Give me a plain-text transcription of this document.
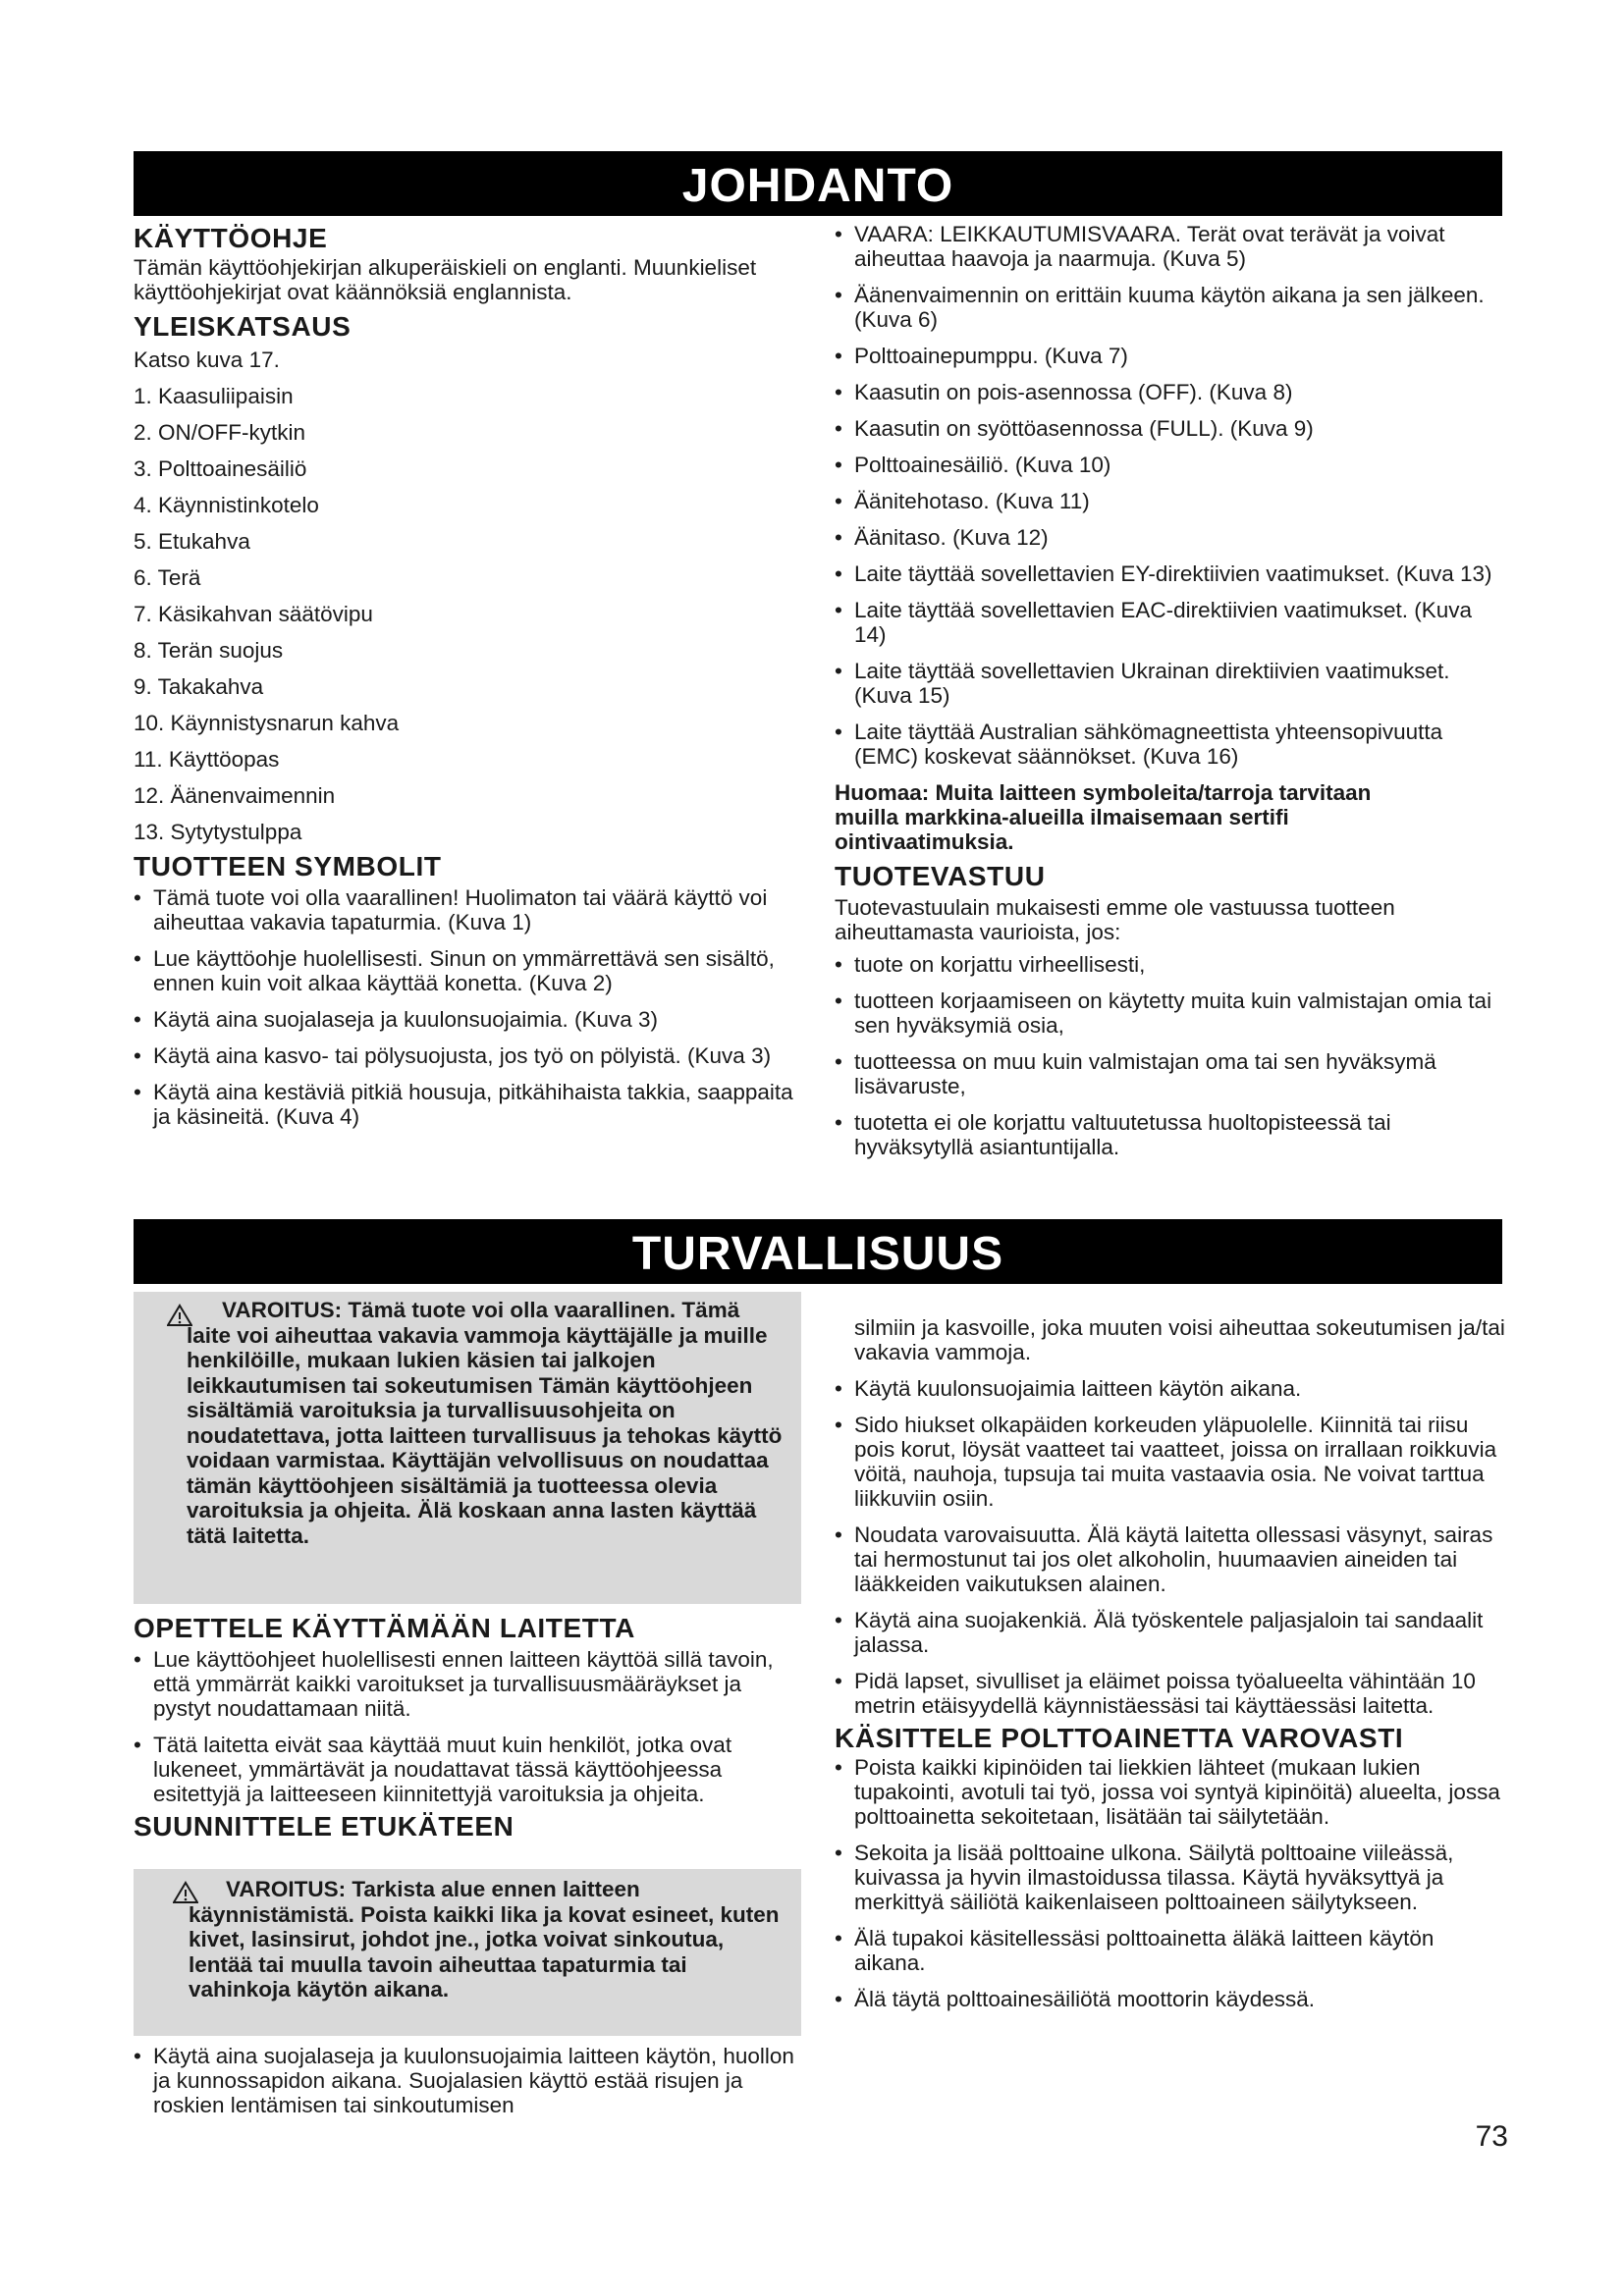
JOHDANTO
KÄYTTÖOHJE

Tämän käyttöohjekirjan alkuperäiskieli on englanti. Muunkieliset käyttöohjekirjat ovat käännöksiä englannista.

YLEISKATSAUS

Katso kuva 17.

1. Kaasuliipaisin
2. ON/OFF-kytkin
3. Polttoainesäiliö
4. Käynnistinkotelo
5. Etukahva
6. Terä
7. Käsikahvan säätövipu
8. Terän suojus
9. Takakahva
10. Käynnistysnarun kahva
11. Käyttöopas
12. Äänenvaimennin
13. Sytytystulppa
TUOTTEEN SYMBOLIT
• Tämä tuote voi olla vaarallinen! Huolimaton tai väärä käyttö voi aiheuttaa vakavia tapaturmia. (Kuva 1)
• Lue käyttöohje huolellisesti. Sinun on ymmärrettävä sen sisältö, ennen kuin voit alkaa käyttää konetta. (Kuva 2)
• Käytä aina suojalaseja ja kuulonsuojaimia. (Kuva 3)
• Käytä aina kasvo- tai pölysuojusta, jos työ on pölyistä. (Kuva 3)
• Käytä aina kestäviä pitkiä housuja, pitkähihaista takkia, saappaita ja käsineitä. (Kuva 4)
• VAARA: LEIKKAUTUMISVAARA. Terät ovat terävät ja voivat aiheuttaa haavoja ja naarmuja. (Kuva 5)
• Äänenvaimennin on erittäin kuuma käytön aikana ja sen jälkeen. (Kuva 6)
• Polttoainepumppu. (Kuva 7)
• Kaasutin on pois-asennossa (OFF). (Kuva 8)
• Kaasutin on syöttöasennossa (FULL). (Kuva 9)
• Polttoainesäiliö. (Kuva 10)
• Äänitehotaso. (Kuva 11)
• Äänitaso. (Kuva 12)
• Laite täyttää sovellettavien EY-direktiivien vaatimukset. (Kuva 13)
• Laite täyttää sovellettavien EAC-direktiivien vaatimukset. (Kuva 14)
• Laite täyttää sovellettavien Ukrainan direktiivien vaatimukset. (Kuva 15)
• Laite täyttää Australian sähkömagneettista yhteensopivuutta (EMC) koskevat säännökset. (Kuva 16)

Huomaa: Muita laitteen symboleita/tarroja tarvitaan muilla markkina-alueilla ilmaisemaan sertifi ointivaatimuksia.

TUOTEVASTUU

Tuotevastuulain mukaisesti emme ole vastuussa tuotteen aiheuttamasta vaurioista, jos:

• tuote on korjattu virheellisesti,
• tuotteen korjaamiseen on käytetty muita kuin valmistajan omia tai sen hyväksymiä osia,
• tuotteessa on muu kuin valmistajan oma tai sen hyväksymä lisävaruste,
• tuotetta ei ole korjattu valtuutetussa huoltopisteessä tai hyväksytyllä asiantuntijalla.
TURVALLISUUS

VAROITUS: Tämä tuote voi olla vaarallinen. Tämä laite voi aiheuttaa vakavia vammoja käyttäjälle ja muille henkilöille, mukaan lukien käsien tai jalkojen leikkautumisen tai sokeutumisen Tämän käyttöohjeen sisältämiä varoituksia ja turvallisuusohjeita on noudatettava, jotta laitteen turvallisuus ja tehokas käyttö voidaan varmistaa. Käyttäjän velvollisuus on noudattaa tämän käyttöohjeen sisältämiä ja tuotteessa olevia varoituksia ja ohjeita. Älä koskaan anna lasten käyttää tätä laitetta.

OPETTELE KÄYTTÄMÄÄN LAITETTA
• Lue käyttöohjeet huolellisesti ennen laitteen käyttöä sillä tavoin, että ymmärrät kaikki varoitukset ja turvallisuusmääräykset ja pystyt noudattamaan niitä.
• Tätä laitetta eivät saa käyttää muut kuin henkilöt, jotka ovat lukeneet, ymmärtävät ja noudattavat tässä käyttöohjeessa esitettyjä ja laitteeseen kiinnitettyjä varoituksia ja ohjeita.
SUUNNITTELE ETUKÄTEEN

VAROITUS: Tarkista alue ennen laitteen käynnistämistä. Poista kaikki lika ja kovat esineet, kuten kivet, lasinsirut, johdot jne., jotka voivat sinkoutua, lentää tai muulla tavoin aiheuttaa tapaturmia tai vahinkoja käytön aikana.

• Käytä aina suojalaseja ja kuulonsuojaimia laitteen käytön, huollon ja kunnossapidon aikana. Suojalasien käyttö estää risujen ja roskien lentämisen tai sinkoutumisen

silmiin ja kasvoille, joka muuten voisi aiheuttaa sokeutumisen ja/tai vakavia vammoja.

• Käytä kuulonsuojaimia laitteen käytön aikana.
• Sido hiukset olkapäiden korkeuden yläpuolelle. Kiinnitä tai riisu pois korut, löysät vaatteet tai vaatteet, joissa on irrallaan roikkuvia vöitä, nauhoja, tupsuja tai muita vastaavia osia. Ne voivat tarttua liikkuviin osiin.
• Noudata varovaisuutta. Älä käytä laitetta ollessasi väsynyt, sairas tai hermostunut tai jos olet alkoholin, huumaavien aineiden tai lääkkeiden vaikutuksen alainen.
• Käytä aina suojakenkiä. Älä työskentele paljasjaloin tai sandaalit jalassa.
• Pidä lapset, sivulliset ja eläimet poissa työalueelta vähintään 10 metrin etäisyydellä käynnistäessäsi tai käyttäessäsi laitetta.
KÄSITTELE POLTTOAINETTA VAROVASTI
• Poista kaikki kipinöiden tai liekkien lähteet (mukaan lukien tupakointi, avotuli tai työ, jossa voi syntyä kipinöitä) alueelta, jossa polttoainetta sekoitetaan, lisätään tai säilytetään.
• Sekoita ja lisää polttoaine ulkona. Säilytä polttoaine viileässä, kuivassa ja hyvin ilmastoidussa tilassa. Käytä hyväksyttyä ja merkittyä säiliötä kaikenlaiseen polttoaineen säilytykseen.
• Älä tupakoi käsitellessäsi polttoainetta äläkä laitteen käytön aikana.
• Älä täytä polttoainesäiliötä moottorin käydessä.
73
